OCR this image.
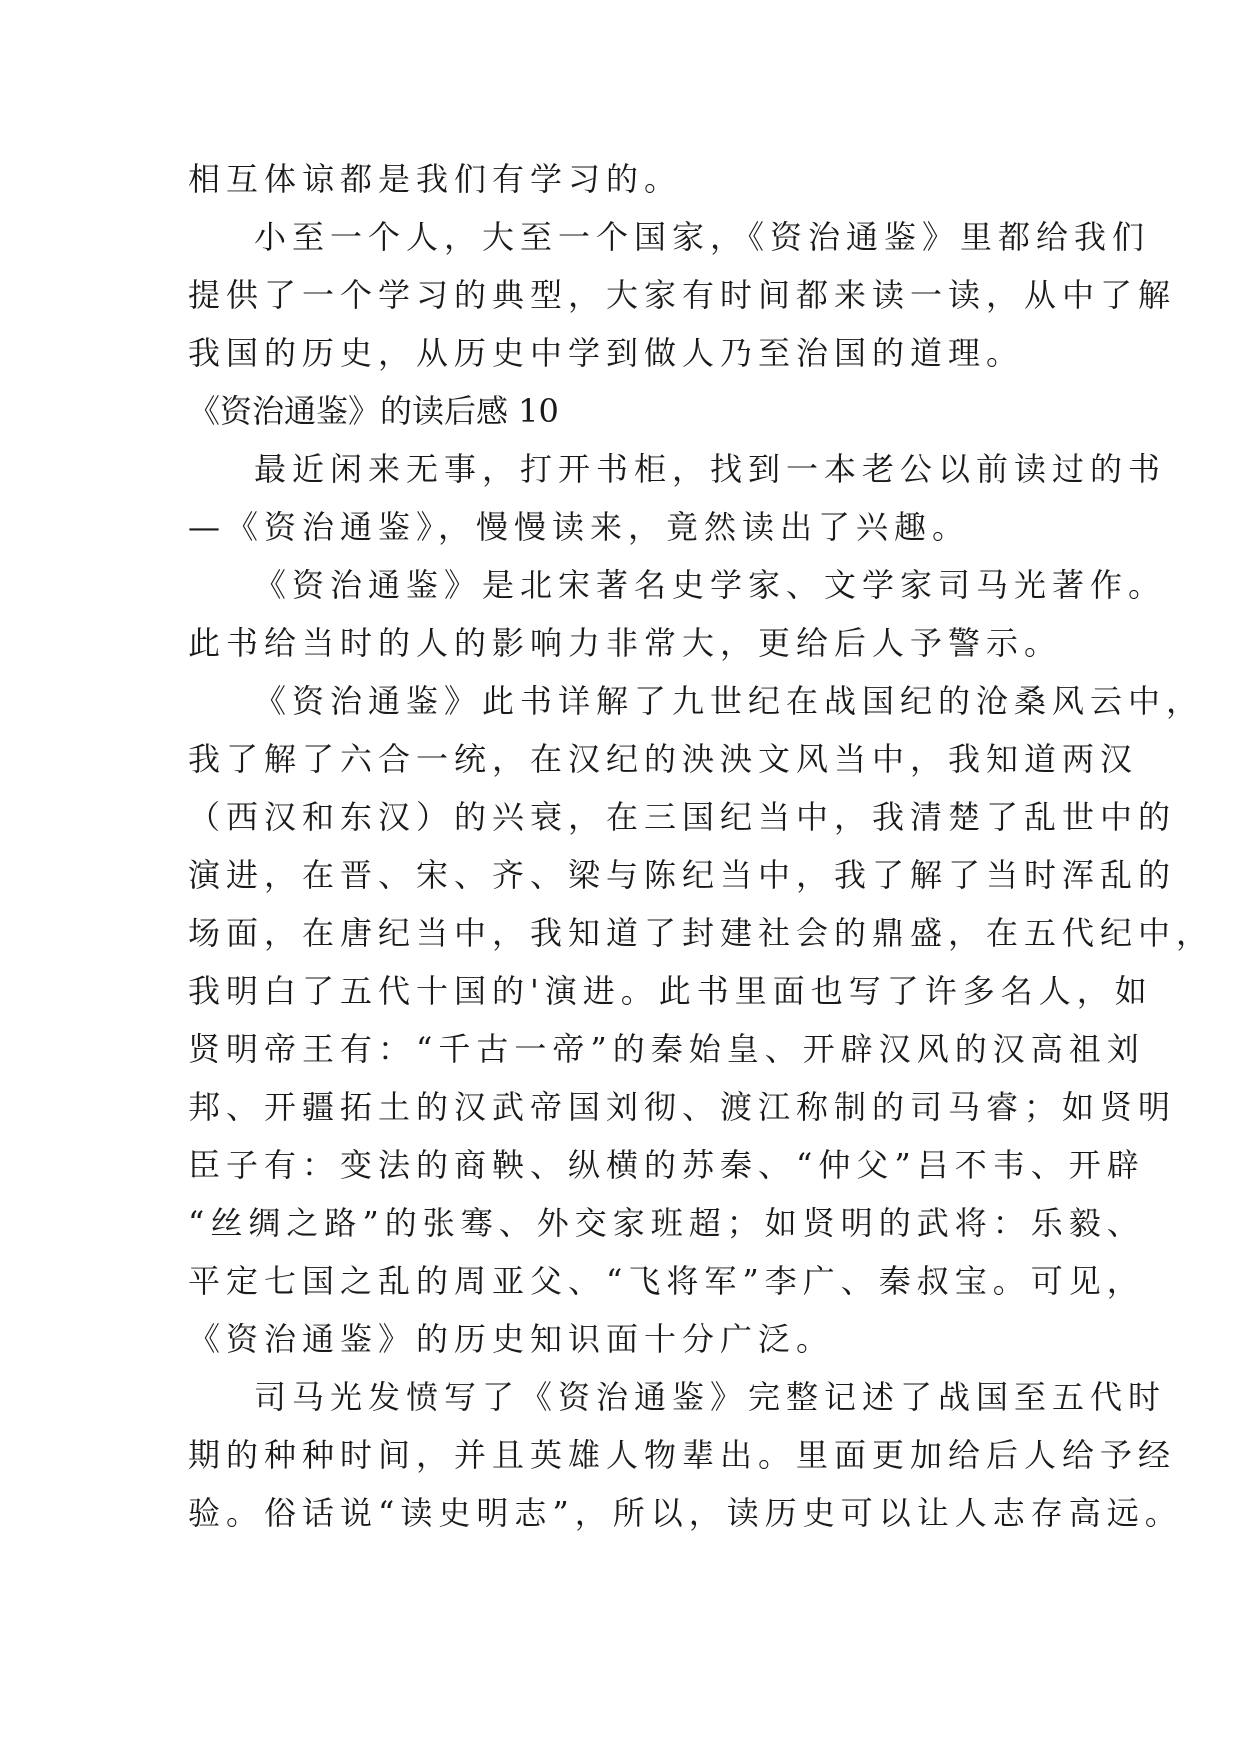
相互体谅都是我们有学习的。
小至一个人，大至一个国家，《资治通鉴》里都给我们
提供了一个学习的典型，大家有时间都来读一读，从中了解
我国的历史，从历史中学到做人乃至治国的道理。
《资治通鉴》的读后感 10
最近闲来无事，打开书柜，找到一本老公以前读过的书
—《资治通鉴》，慢慢读来，竟然读出了兴趣。
《资治通鉴》是北宋著名史学家、文学家司马光著作。
此书给当时的人的影响力非常大，更给后人予警示。
《资治通鉴》此书详解了九世纪在战国纪的沧桑风云中，
我了解了六合一统，在汉纪的泱泱文风当中，我知道两汉
（西汉和东汉）的兴衰，在三国纪当中，我清楚了乱世中的
演进，在晋、宋、齐、梁与陈纪当中，我了解了当时浑乱的
场面，在唐纪当中，我知道了封建社会的鼎盛，在五代纪中，
我明白了五代十国的'演进。此书里面也写了许多名人，如
贤明帝王有：“千古一帝”的秦始皇、开辟汉风的汉高祖刘
邦、开疆拓土的汉武帝国刘彻、渡江称制的司马睿；如贤明
臣子有：变法的商鞅、纵横的苏秦、“仲父”吕不韦、开辟
“丝绸之路”的张骞、外交家班超；如贤明的武将：乐毅、
平定七国之乱的周亚父、“飞将军”李广、秦叔宝。可见，
《资治通鉴》的历史知识面十分广泛。
司马光发愤写了《资治通鉴》完整记述了战国至五代时
期的种种时间，并且英雄人物辈出。里面更加给后人给予经
验。俗话说“读史明志”，所以，读历史可以让人志存高远。
